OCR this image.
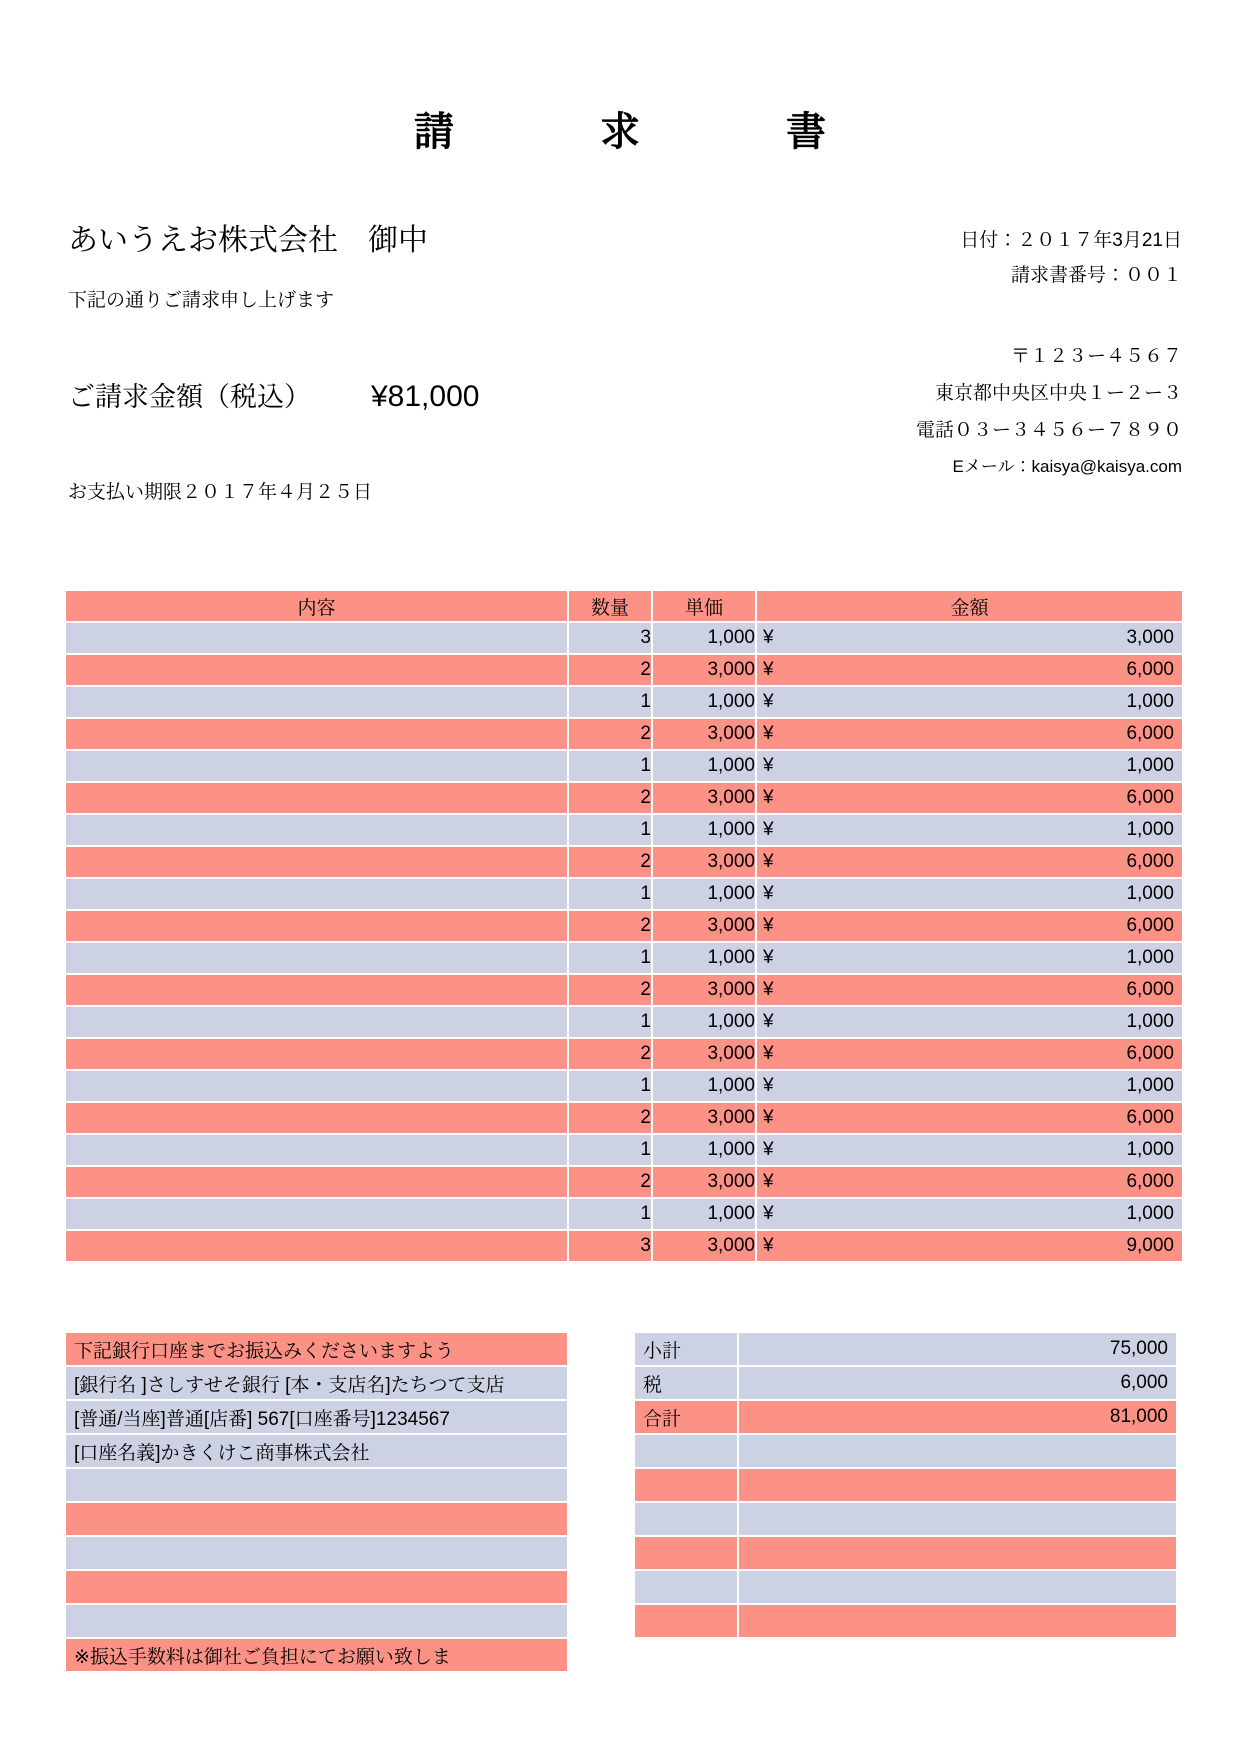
請　　求　　書
あいうえお株式会社　御中
下記の通りご請求申し上げます
ご請求金額（税込） ¥81,000
お支払い期限２０１７年４月２５日
日付：２０１７年3月21日
請求書番号：００１
〒１２３ー４５６７
東京都中央区中央１ー２ー３
電話０３ー３４５６ー７８９０
Eメール：kaisya@kaisya.com
内容		数量		単価		金額
		3		1,000		¥ 3,000

		2		3,000		¥ 6,000

		1		1,000		¥ 1,000

		2		3,000		¥ 6,000

		1		1,000		¥ 1,000

		2		3,000		¥ 6,000

		1		1,000		¥ 1,000

		2		3,000		¥ 6,000

		1		1,000		¥ 1,000

		2		3,000		¥ 6,000

		1		1,000		¥ 1,000

		2		3,000		¥ 6,000

		1		1,000		¥ 1,000

		2		3,000		¥ 6,000

		1		1,000		¥ 1,000

		2		3,000		¥ 6,000

		1		1,000		¥ 1,000

		2		3,000		¥ 6,000

		1		1,000		¥ 1,000

		3		3,000		¥ 9,000
下記銀行口座までお振込みくださいますよう
[銀行名 ]さしすせそ銀行 [本・支店名]たちつて支店
[普通/当座]普通[店番] 567[口座番号]1234567
[口座名義]かきくけこ商事株式会社
※振込手数料は御社ご負担にてお願い致しま
小計	75,000
税	6,000
合計	81,000
